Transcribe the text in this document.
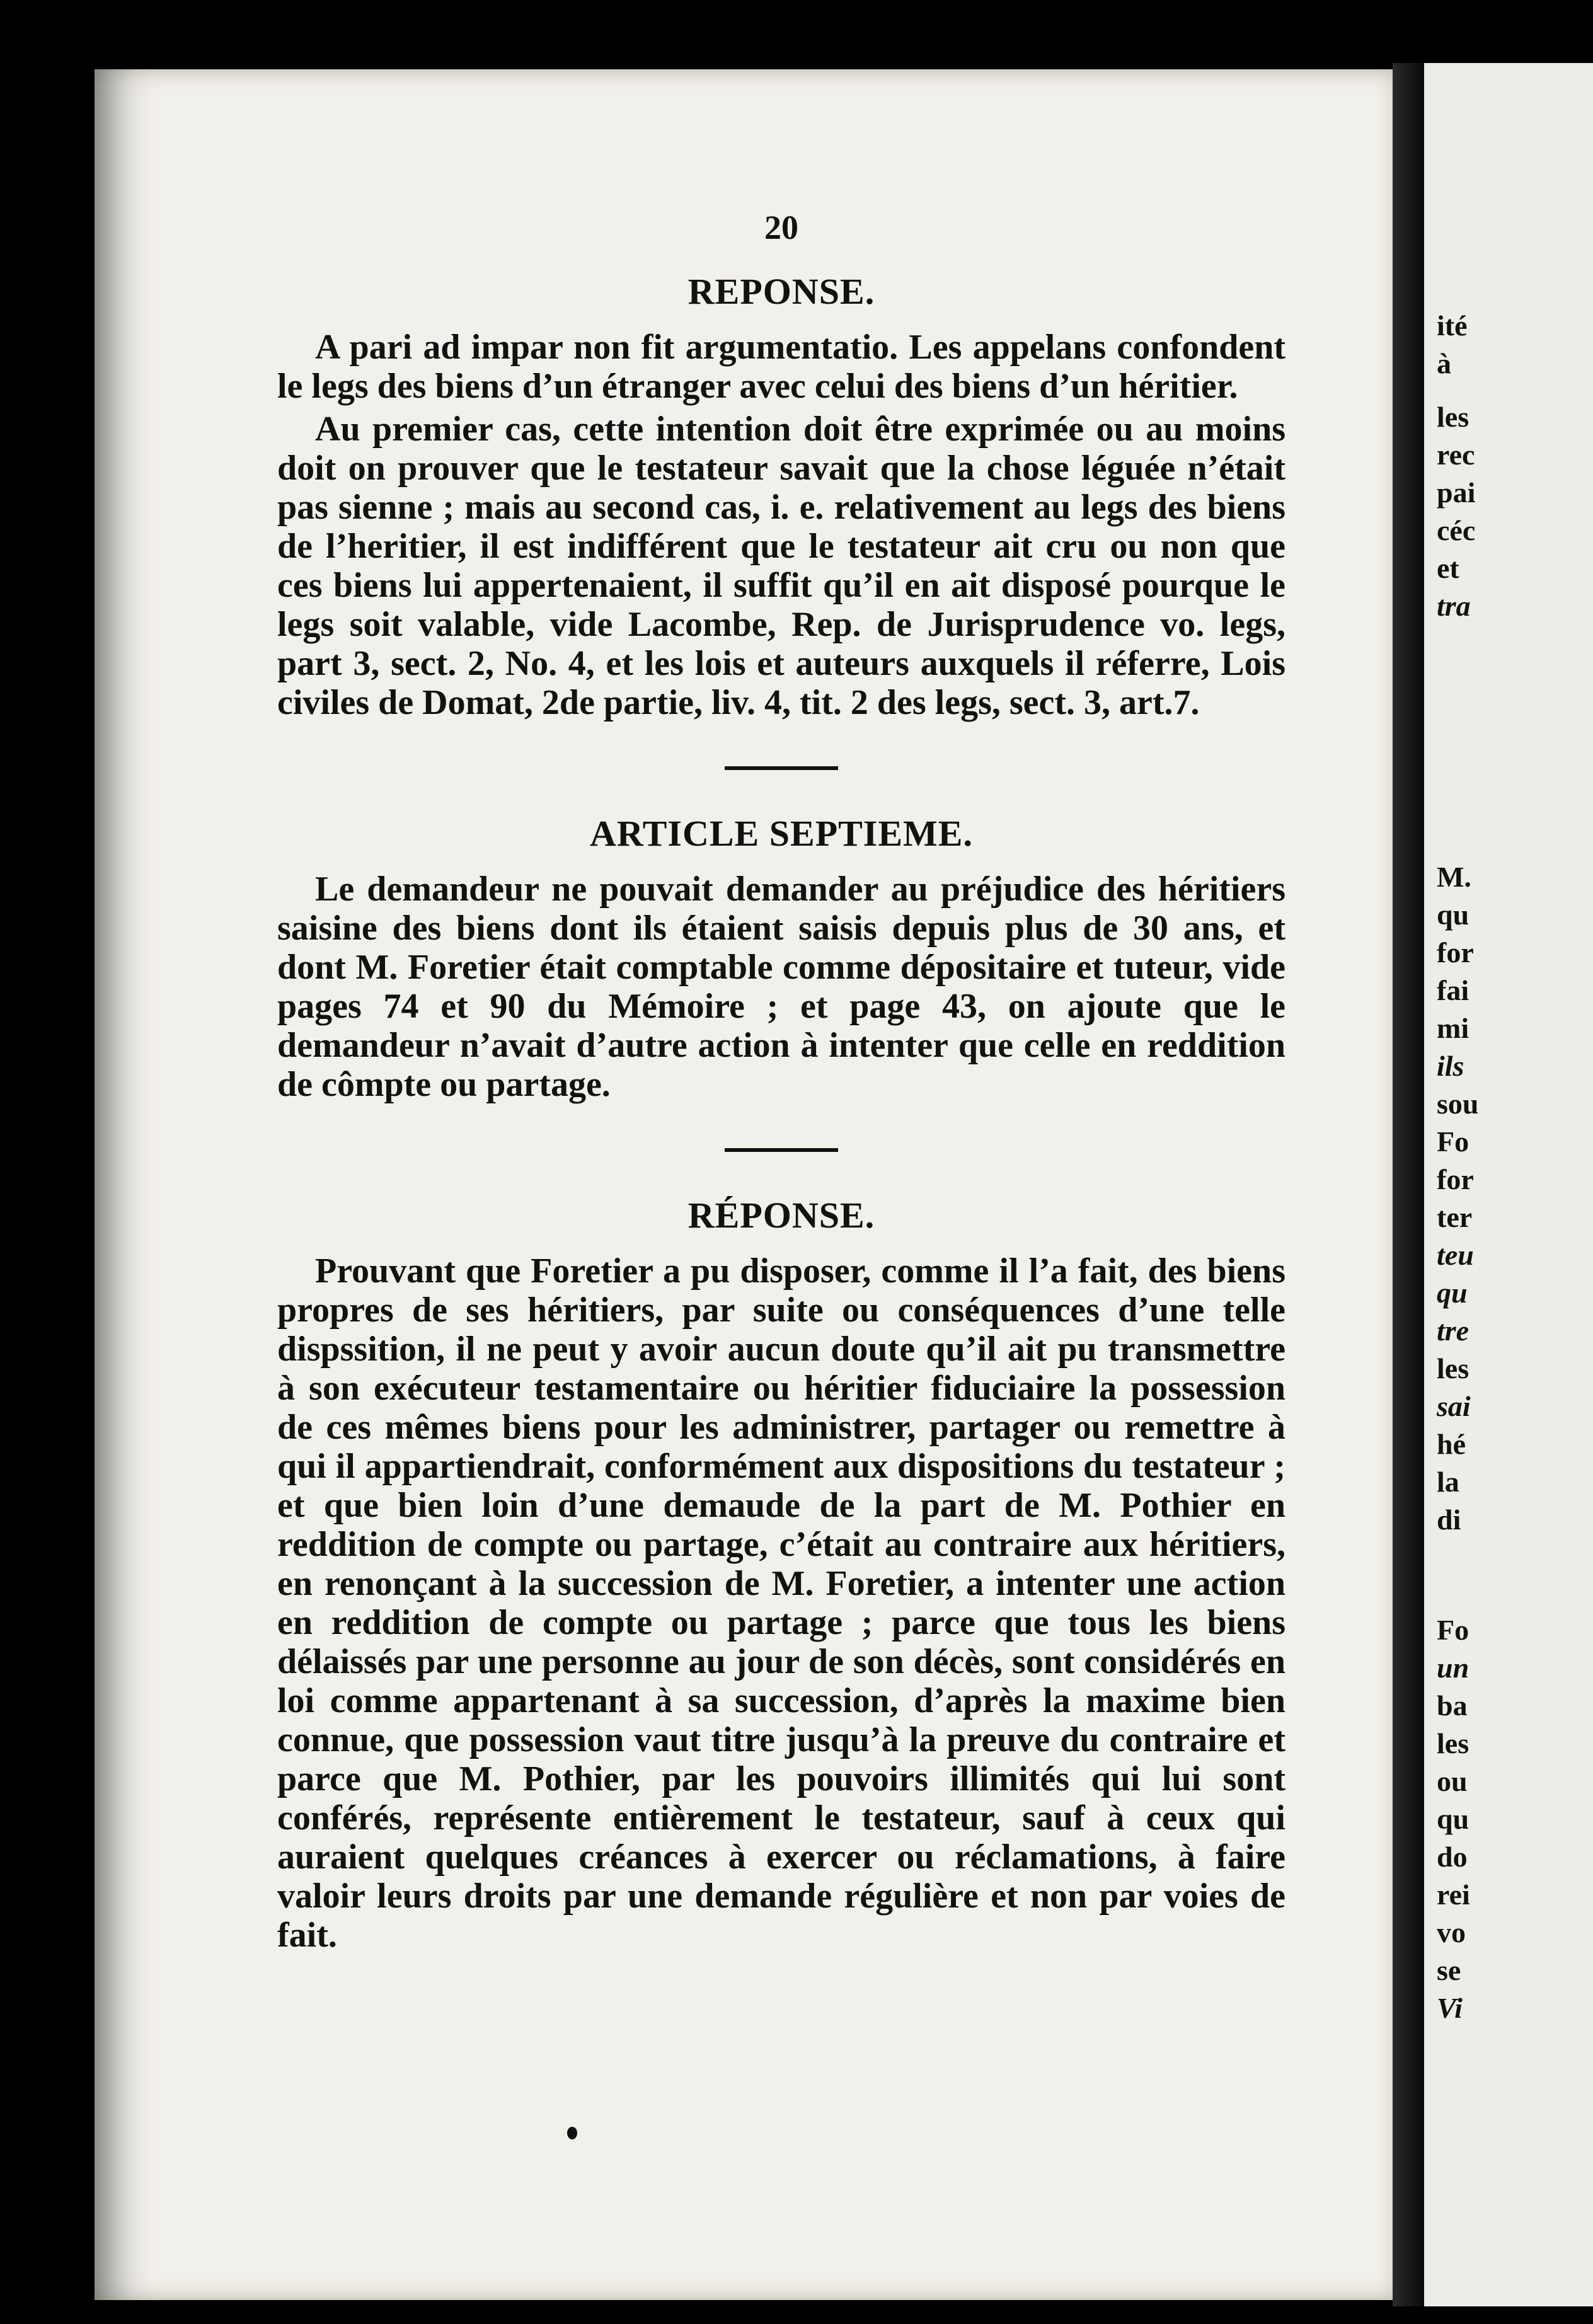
ité
à
les
rec
pai
céc
et
tra
M.
qu
for
fai
mi
ils
sou
Fo
for
ter
teu
qu
tre
les
sai
hé
la
di
Fo
un
ba
les
ou
qu
do
rei
vo
se
Vi
20
REPONSE.

A pari ad impar non fit argumentatio. Les appelans confondent le legs des biens d’un étranger avec celui des biens d’un héritier.

Au premier cas, cette intention doit être exprimée ou au moins doit on prouver que le testateur savait que la chose léguée n’était pas sienne ; mais au second cas, i. e. relativement au legs des biens de l’heritier, il est indifférent que le testateur ait cru ou non que ces biens lui appertenaient, il suffit qu’il en ait disposé pourque le legs soit valable, vide Lacombe, Rep. de Jurisprudence vo. legs, part 3, sect. 2, No. 4, et les lois et auteurs auxquels il réferre, Lois civiles de Domat, 2de partie, liv. 4, tit. 2 des legs, sect. 3, art.7.

ARTICLE SEPTIEME.

Le demandeur ne pouvait demander au préjudice des héritiers saisine des biens dont ils étaient saisis depuis plus de 30 ans, et dont M. Foretier était comptable comme dépositaire et tuteur, vide pages 74 et 90 du Mémoire ; et page 43, on ajoute que le demandeur n’avait d’autre action à intenter que celle en reddition de cômpte ou partage.

RÉPONSE.

Prouvant que Foretier a pu disposer, comme il l’a fait, des biens propres de ses héritiers, par suite ou conséquences d’une telle dispssition, il ne peut y avoir aucun doute qu’il ait pu transmettre à son exécuteur testamentaire ou héritier fiduciaire la possession de ces mêmes biens pour les administrer, partager ou remettre à qui il appartiendrait, conformément aux dispositions du testateur ; et que bien loin d’une demaude de la part de M. Pothier en reddition de compte ou partage, c’était au contraire aux héritiers, en renonçant à la succession de M. Foretier, a intenter une action en reddition de compte ou partage ; parce que tous les biens délaissés par une personne au jour de son décès, sont considérés en loi comme appartenant à sa succession, d’après la maxime bien connue, que possession vaut titre jusqu’à la preuve du contraire et parce que M. Pothier, par les pouvoirs illimités qui lui sont conférés, représente entièrement le testateur, sauf à ceux qui auraient quelques créances à exercer ou réclamations, à faire valoir leurs droits par une demande régulière et non par voies de fait.
